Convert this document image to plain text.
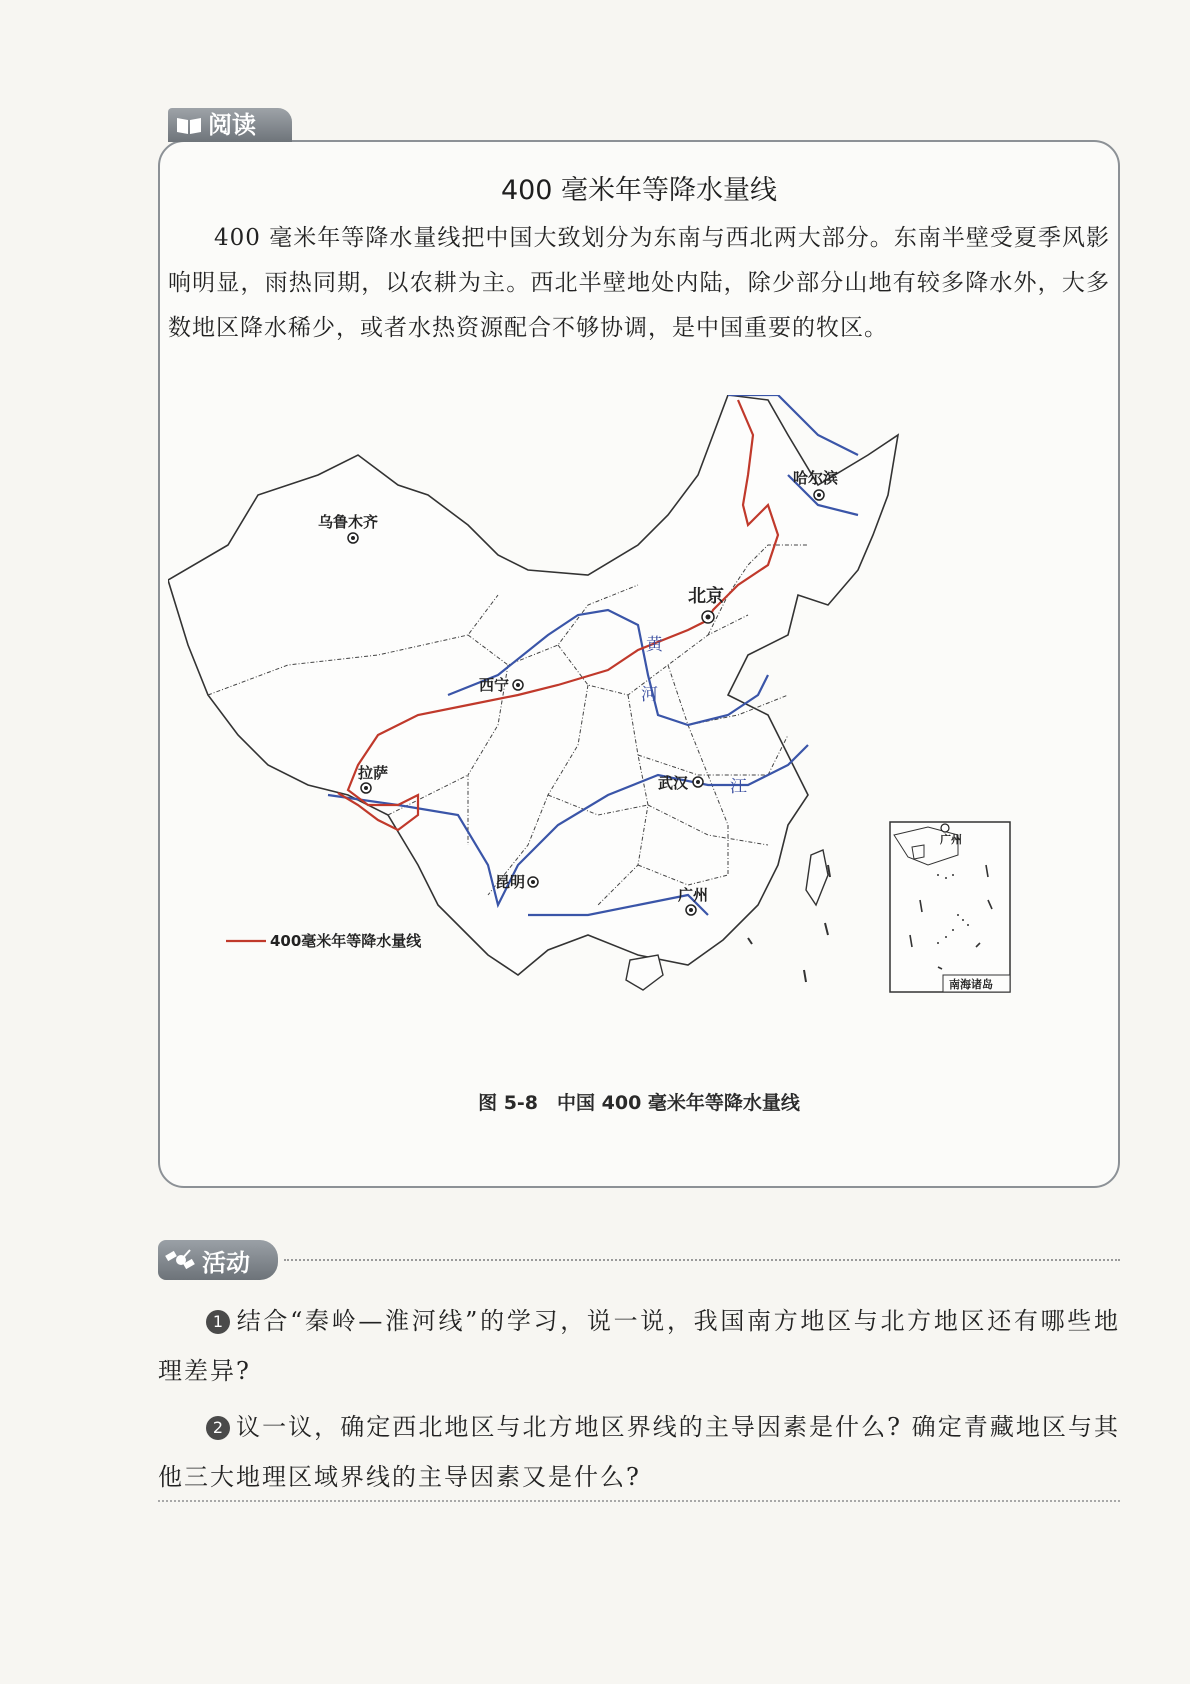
阅读
400 毫米年等降水量线

400 毫米年等降水量线把中国大致划分为东南与西北两大部分。东南半壁受夏季风影响明显，雨热同期，以农耕为主。西北半壁地处内陆，除少部分山地有较多降水外，大多数地区降水稀少，或者水热资源配合不够协调，是中国重要的牧区。

哈尔滨
乌鲁木齐
北京
西宁
拉萨
武汉
昆明
广州
黄
河
江
400毫米年等降水量线
广州
南海诸岛
图 5-8　中国 400 毫米年等降水量线
活动
1 结合“秦岭—淮河线”的学习，说一说，我国南方地区与北方地区还有哪些地理差异?
2 议一议，确定西北地区与北方地区界线的主导因素是什么? 确定青藏地区与其他三大地理区域界线的主导因素又是什么?
